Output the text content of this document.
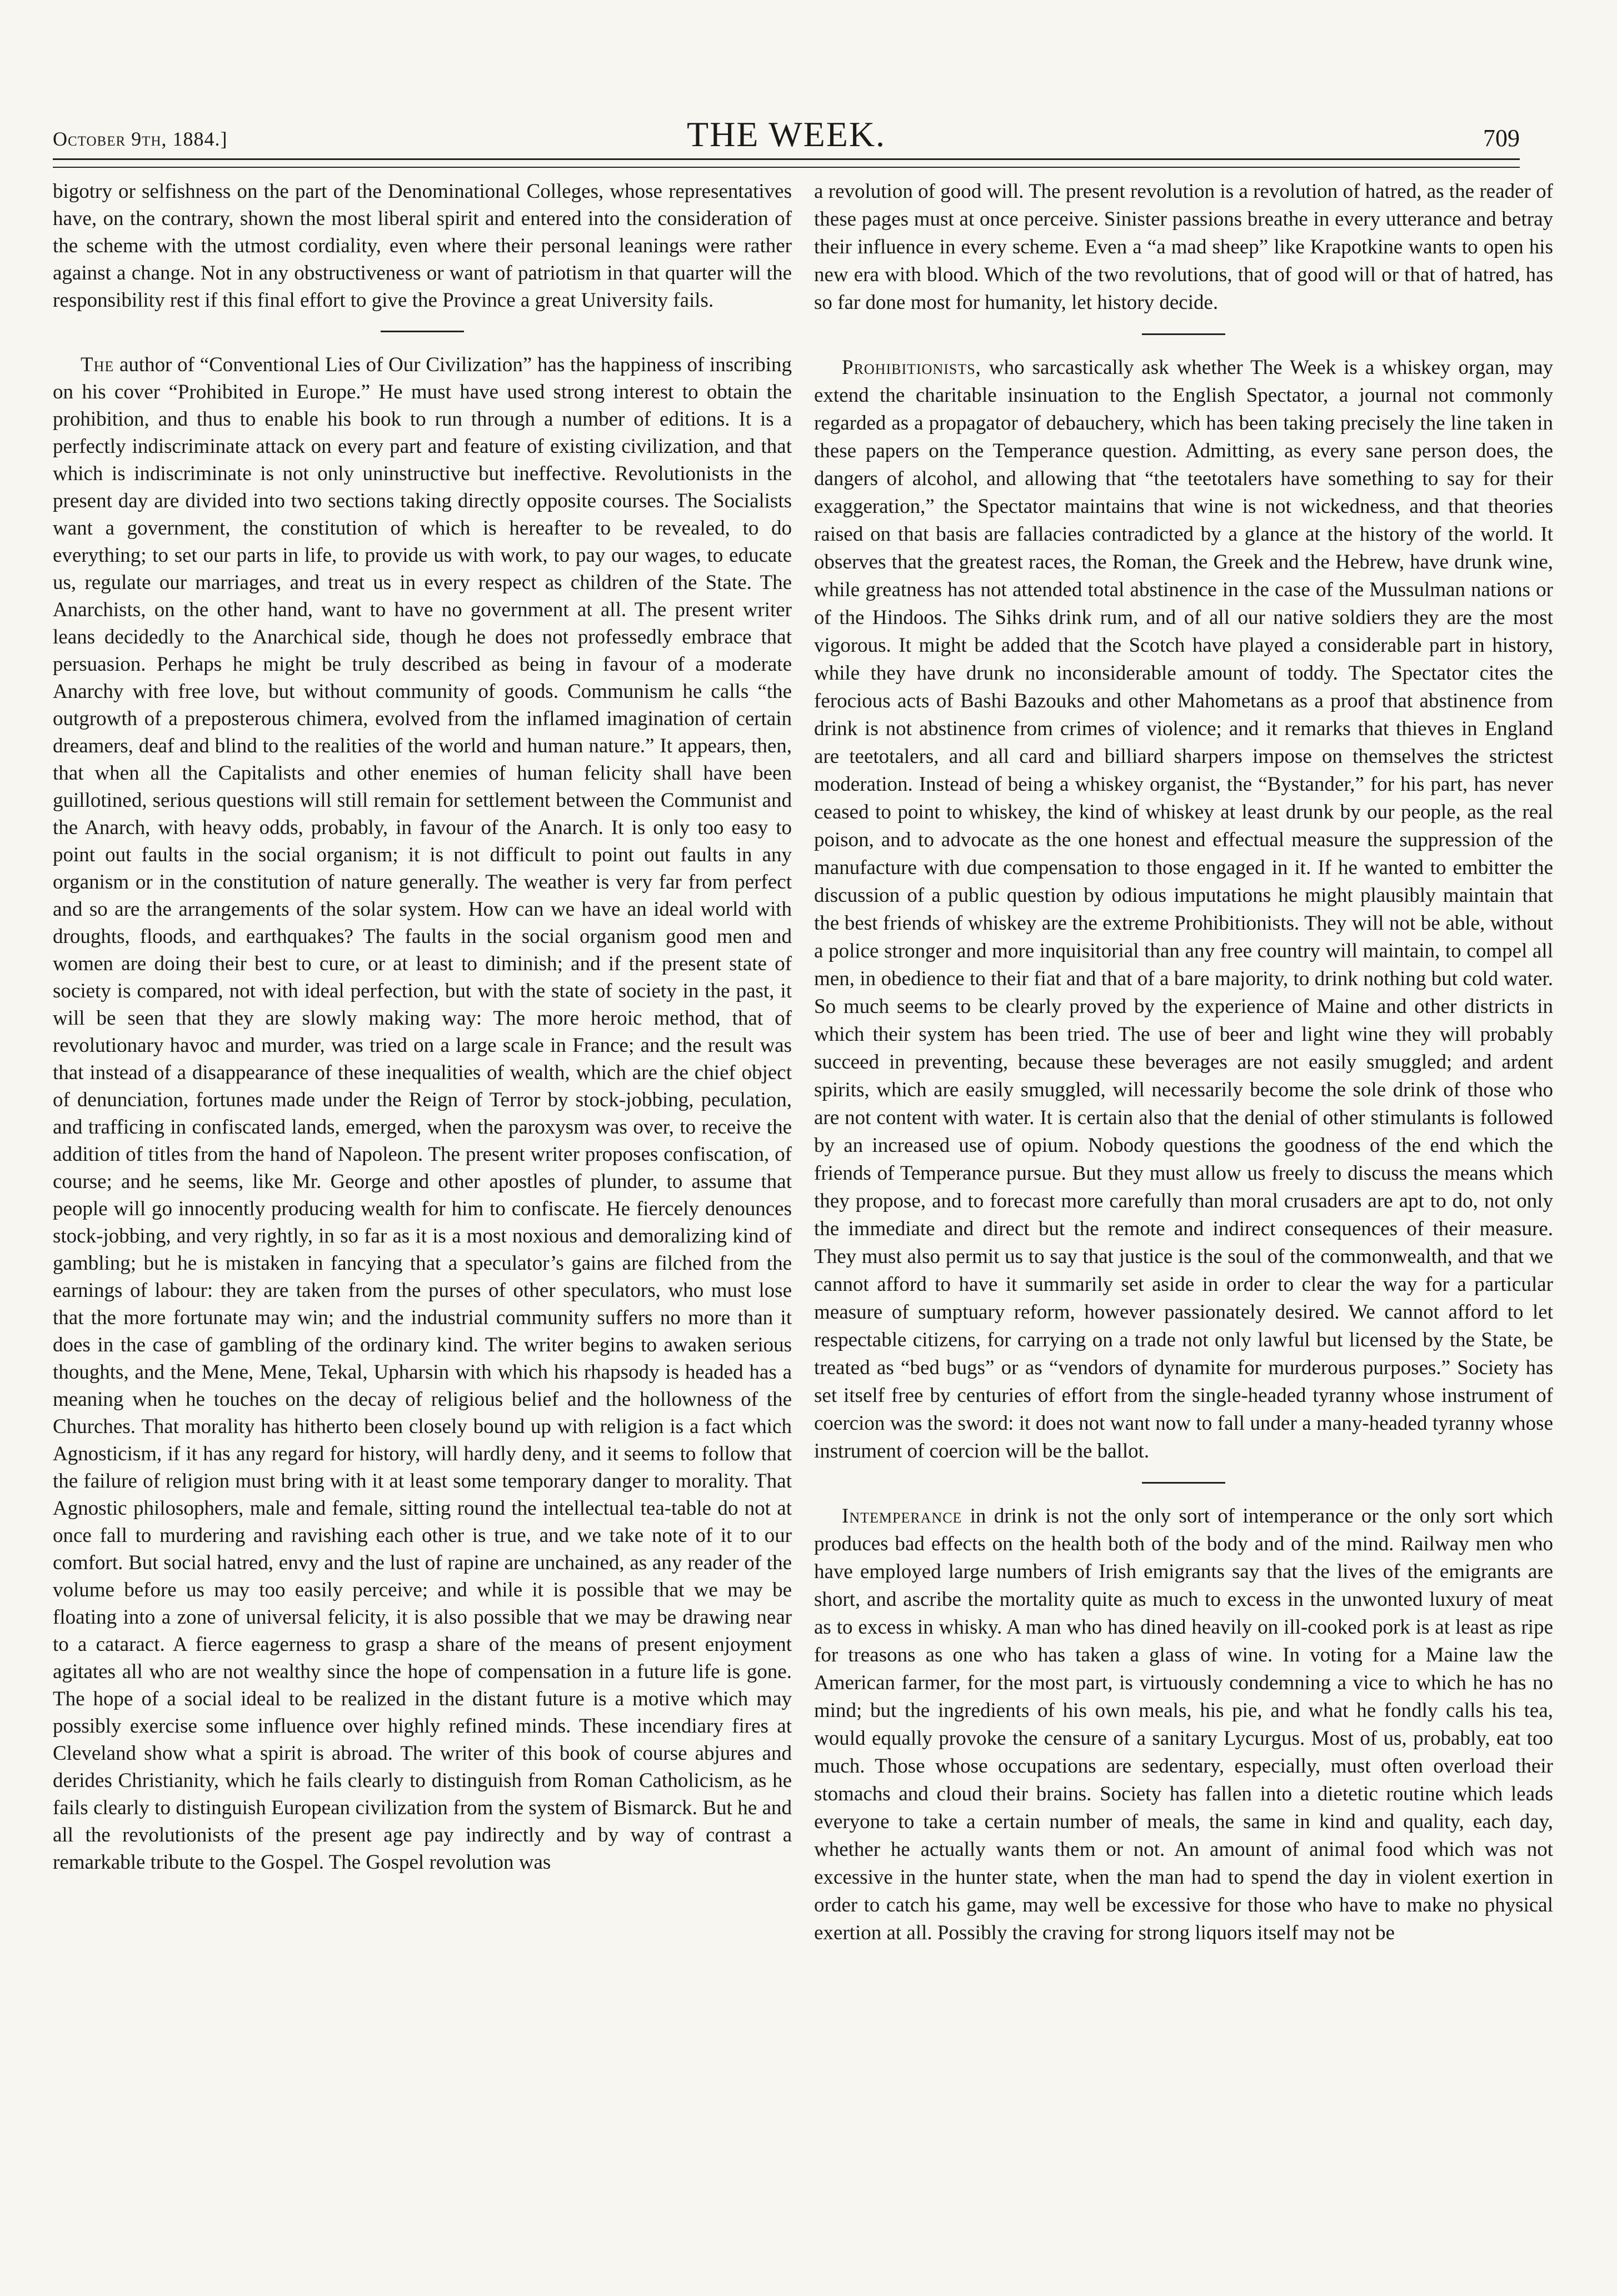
October 9th, 1884.]	THE WEEK.	709

bigotry or selfishness on the part of the Denominational Colleges, whose representatives have, on the contrary, shown the most liberal spirit and entered into the consideration of the scheme with the utmost cordiality, even where their personal leanings were rather against a change. Not in any obstructiveness or want of patriotism in that quarter will the responsibility rest if this final effort to give the Province a great University fails.

The author of “Conventional Lies of Our Civilization” has the happiness of inscribing on his cover “Prohibited in Europe.” He must have used strong interest to obtain the prohibition, and thus to enable his book to run through a number of editions. It is a perfectly indiscriminate attack on every part and feature of existing civilization, and that which is indiscriminate is not only uninstructive but ineffective. Revolutionists in the present day are divided into two sections taking directly opposite courses. The Socialists want a government, the constitution of which is hereafter to be revealed, to do everything; to set our parts in life, to provide us with work, to pay our wages, to educate us, regulate our marriages, and treat us in every respect as children of the State. The Anarchists, on the other hand, want to have no government at all. The present writer leans decidedly to the Anarchical side, though he does not professedly embrace that persuasion. Perhaps he might be truly described as being in favour of a moderate Anarchy with free love, but without community of goods. Communism he calls “the outgrowth of a preposterous chimera, evolved from the inflamed imagination of certain dreamers, deaf and blind to the realities of the world and human nature.” It appears, then, that when all the Capitalists and other enemies of human felicity shall have been guillotined, serious questions will still remain for settlement between the Communist and the Anarch, with heavy odds, probably, in favour of the Anarch. It is only too easy to point out faults in the social organism; it is not difficult to point out faults in any organism or in the constitution of nature generally. The weather is very far from perfect and so are the arrangements of the solar system. How can we have an ideal world with droughts, floods, and earthquakes? The faults in the social organism good men and women are doing their best to cure, or at least to diminish; and if the present state of society is compared, not with ideal perfection, but with the state of society in the past, it will be seen that they are slowly making way: The more heroic method, that of revolutionary havoc and murder, was tried on a large scale in France; and the result was that instead of a disappearance of these inequalities of wealth, which are the chief object of denunciation, fortunes made under the Reign of Terror by stock-jobbing, peculation, and trafficing in confiscated lands, emerged, when the paroxysm was over, to receive the addition of titles from the hand of Napoleon. The present writer proposes confiscation, of course; and he seems, like Mr. George and other apostles of plunder, to assume that people will go innocently producing wealth for him to confiscate. He fiercely denounces stock-jobbing, and very rightly, in so far as it is a most noxious and demoralizing kind of gambling; but he is mistaken in fancying that a speculator’s gains are filched from the earnings of labour: they are taken from the purses of other speculators, who must lose that the more fortunate may win; and the industrial community suffers no more than it does in the case of gambling of the ordinary kind. The writer begins to awaken serious thoughts, and the Mene, Mene, Tekal, Upharsin with which his rhapsody is headed has a meaning when he touches on the decay of religious belief and the hollowness of the Churches. That morality has hitherto been closely bound up with religion is a fact which Agnosticism, if it has any regard for history, will hardly deny, and it seems to follow that the failure of religion must bring with it at least some temporary danger to morality. That Agnostic philosophers, male and female, sitting round the intellectual tea-table do not at once fall to murdering and ravishing each other is true, and we take note of it to our comfort. But social hatred, envy and the lust of rapine are unchained, as any reader of the volume before us may too easily perceive; and while it is possible that we may be floating into a zone of universal felicity, it is also possible that we may be drawing near to a cataract. A fierce eagerness to grasp a share of the means of present enjoyment agitates all who are not wealthy since the hope of compensation in a future life is gone. The hope of a social ideal to be realized in the distant future is a motive which may possibly exercise some influence over highly refined minds. These incendiary fires at Cleveland show what a spirit is abroad. The writer of this book of course abjures and derides Christianity, which he fails clearly to distinguish from Roman Catholicism, as he fails clearly to distinguish European civilization from the system of Bismarck. But he and all the revolutionists of the present age pay indirectly and by way of contrast a remarkable tribute to the Gospel. The Gospel revolution was

a revolution of good will. The present revolution is a revolution of hatred, as the reader of these pages must at once perceive. Sinister passions breathe in every utterance and betray their influence in every scheme. Even a “a mad sheep” like Krapotkine wants to open his new era with blood. Which of the two revolutions, that of good will or that of hatred, has so far done most for humanity, let history decide.

Prohibitionists, who sarcastically ask whether The Week is a whiskey organ, may extend the charitable insinuation to the English Spectator, a journal not commonly regarded as a propagator of debauchery, which has been taking precisely the line taken in these papers on the Temperance question. Admitting, as every sane person does, the dangers of alcohol, and allowing that “the teetotalers have something to say for their exaggeration,” the Spectator maintains that wine is not wickedness, and that theories raised on that basis are fallacies contradicted by a glance at the history of the world. It observes that the greatest races, the Roman, the Greek and the Hebrew, have drunk wine, while greatness has not attended total abstinence in the case of the Mussulman nations or of the Hindoos. The Sihks drink rum, and of all our native soldiers they are the most vigorous. It might be added that the Scotch have played a considerable part in history, while they have drunk no inconsiderable amount of toddy. The Spectator cites the ferocious acts of Bashi Bazouks and other Mahometans as a proof that abstinence from drink is not abstinence from crimes of violence; and it remarks that thieves in England are teetotalers, and all card and billiard sharpers impose on themselves the strictest moderation. Instead of being a whiskey organist, the “Bystander,” for his part, has never ceased to point to whiskey, the kind of whiskey at least drunk by our people, as the real poison, and to advocate as the one honest and effectual measure the suppression of the manufacture with due compensation to those engaged in it. If he wanted to embitter the discussion of a public question by odious imputations he might plausibly maintain that the best friends of whiskey are the extreme Prohibitionists. They will not be able, without a police stronger and more inquisitorial than any free country will maintain, to compel all men, in obedience to their fiat and that of a bare majority, to drink nothing but cold water. So much seems to be clearly proved by the experience of Maine and other districts in which their system has been tried. The use of beer and light wine they will probably succeed in preventing, because these beverages are not easily smuggled; and ardent spirits, which are easily smuggled, will necessarily become the sole drink of those who are not content with water. It is certain also that the denial of other stimulants is followed by an increased use of opium. Nobody questions the goodness of the end which the friends of Temperance pursue. But they must allow us freely to discuss the means which they propose, and to forecast more carefully than moral crusaders are apt to do, not only the immediate and direct but the remote and indirect consequences of their measure. They must also permit us to say that justice is the soul of the commonwealth, and that we cannot afford to have it summarily set aside in order to clear the way for a particular measure of sumptuary reform, however passionately desired. We cannot afford to let respectable citizens, for carrying on a trade not only lawful but licensed by the State, be treated as “bed bugs” or as “vendors of dynamite for murderous purposes.” Society has set itself free by centuries of effort from the single-headed tyranny whose instrument of coercion was the sword: it does not want now to fall under a many-headed tyranny whose instrument of coercion will be the ballot.

Intemperance in drink is not the only sort of intemperance or the only sort which produces bad effects on the health both of the body and of the mind. Railway men who have employed large numbers of Irish emigrants say that the lives of the emigrants are short, and ascribe the mortality quite as much to excess in the unwonted luxury of meat as to excess in whisky. A man who has dined heavily on ill-cooked pork is at least as ripe for treasons as one who has taken a glass of wine. In voting for a Maine law the American farmer, for the most part, is virtuously condemning a vice to which he has no mind; but the ingredients of his own meals, his pie, and what he fondly calls his tea, would equally provoke the censure of a sanitary Lycurgus. Most of us, probably, eat too much. Those whose occupations are sedentary, especially, must often overload their stomachs and cloud their brains. Society has fallen into a dietetic routine which leads everyone to take a certain number of meals, the same in kind and quality, each day, whether he actually wants them or not. An amount of animal food which was not excessive in the hunter state, when the man had to spend the day in violent exertion in order to catch his game, may well be excessive for those who have to make no physical exertion at all. Possibly the craving for strong liquors itself may not be
